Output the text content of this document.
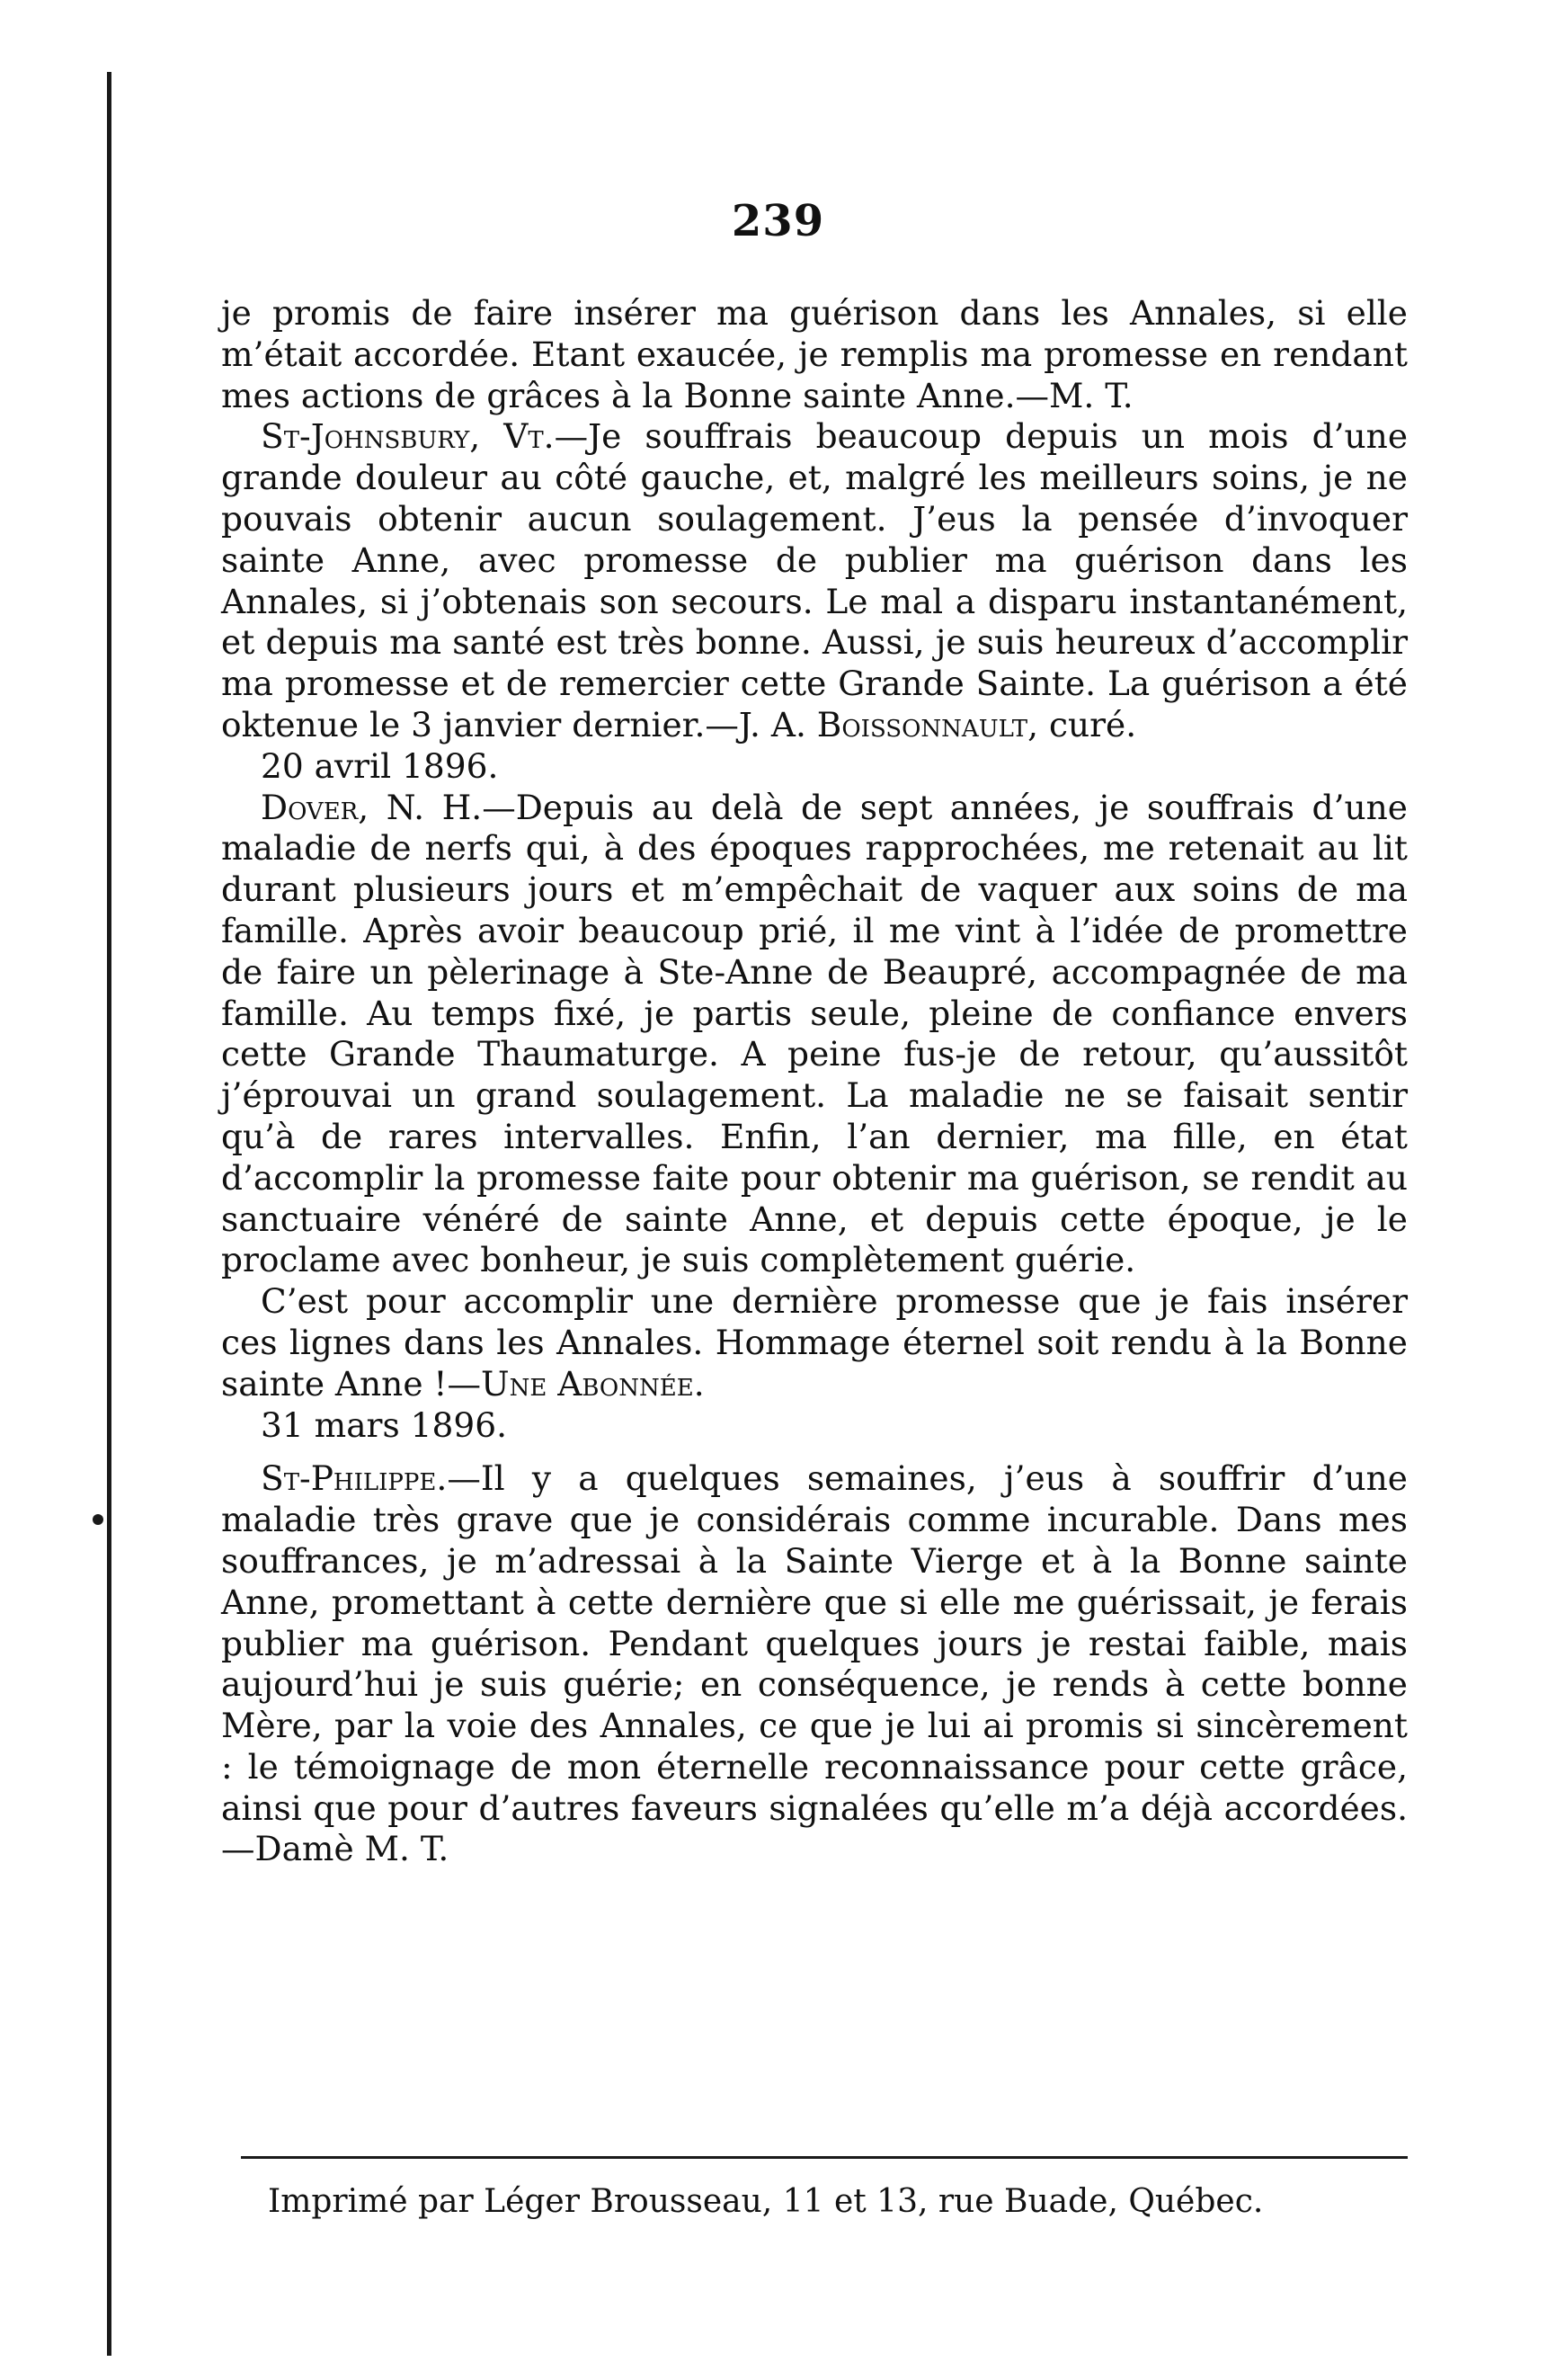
239

je promis de faire insérer ma guérison dans les Annales, si elle m’était accordée. Etant exaucée, je remplis ma promesse en rendant mes actions de grâces à la Bonne sainte Anne.—M. T.

St-Johnsbury, Vt.—Je souffrais beaucoup depuis un mois d’une grande douleur au côté gauche, et, malgré les meilleurs soins, je ne pouvais obtenir aucun soulagement. J’eus la pensée d’invoquer sainte Anne, avec promesse de publier ma guérison dans les Annales, si j’obtenais son secours. Le mal a disparu instantanément, et depuis ma santé est très bonne. Aussi, je suis heureux d’accomplir ma promesse et de remercier cette Grande Sainte. La guérison a été oktenue le 3 janvier dernier.—J. A. Boissonnault, curé.

20 avril 1896.

Dover, N. H.—Depuis au delà de sept années, je souffrais d’une maladie de nerfs qui, à des époques rapprochées, me retenait au lit durant plusieurs jours et m’empêchait de vaquer aux soins de ma famille. Après avoir beaucoup prié, il me vint à l’idée de promettre de faire un pèlerinage à Ste-Anne de Beaupré, accompagnée de ma famille. Au temps fixé, je partis seule, pleine de confiance envers cette Grande Thaumaturge. A peine fus-je de retour, qu’aussitôt j’éprouvai un grand soulagement. La maladie ne se faisait sentir qu’à de rares intervalles. Enfin, l’an dernier, ma fille, en état d’accomplir la promesse faite pour obtenir ma guérison, se rendit au sanctuaire vénéré de sainte Anne, et depuis cette époque, je le proclame avec bonheur, je suis complètement guérie.

C’est pour accomplir une dernière promesse que je fais insérer ces lignes dans les Annales. Hommage éternel soit rendu à la Bonne sainte Anne !—Une Abonnée.

31 mars 1896.

St-Philippe.—Il y a quelques semaines, j’eus à souffrir d’une maladie très grave que je considérais comme incurable. Dans mes souffrances, je m’adressai à la Sainte Vierge et à la Bonne sainte Anne, promettant à cette dernière que si elle me guérissait, je ferais publier ma guérison. Pendant quelques jours je restai faible, mais aujourd’hui je suis guérie; en conséquence, je rends à cette bonne Mère, par la voie des Annales, ce que je lui ai promis si sincèrement : le témoignage de mon éternelle reconnaissance pour cette grâce, ainsi que pour d’autres faveurs signalées qu’elle m’a déjà accordées.—Damè M. T.

Imprimé par Léger Brousseau, 11 et 13, rue Buade, Québec.
